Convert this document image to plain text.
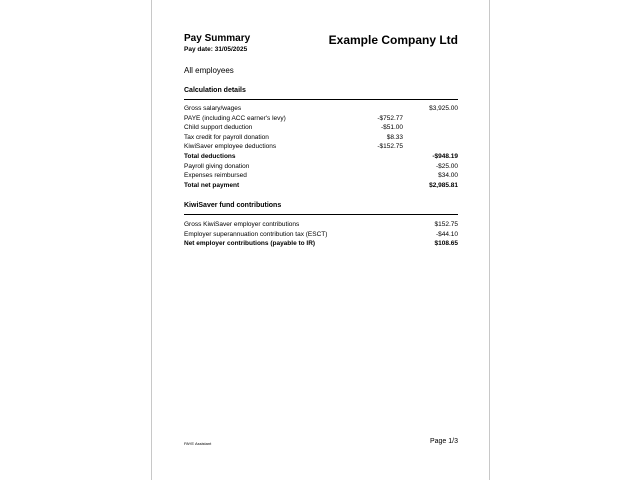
Pay Summary
Pay date: 31/05/2025
Example Company Ltd
All employees
Calculation details
Gross salary/wages	$3,925.00
PAYE (including ACC earner's levy)	-$752.77
Child support deduction	-$51.00
Tax credit for payroll donation	$8.33
KiwiSaver employee deductions	-$152.75
Total deductions	-$948.19
Payroll giving donation	-$25.00
Expenses reimbursed	$34.00
Total net payment	$2,985.81
KiwiSaver fund contributions
Gross KiwiSaver employer contributions	$152.75
Employer superannuation contribution tax (ESCT)	-$44.10
Net employer contributions (payable to IR)	$108.65
PAYE Assistant	Page 1/3
